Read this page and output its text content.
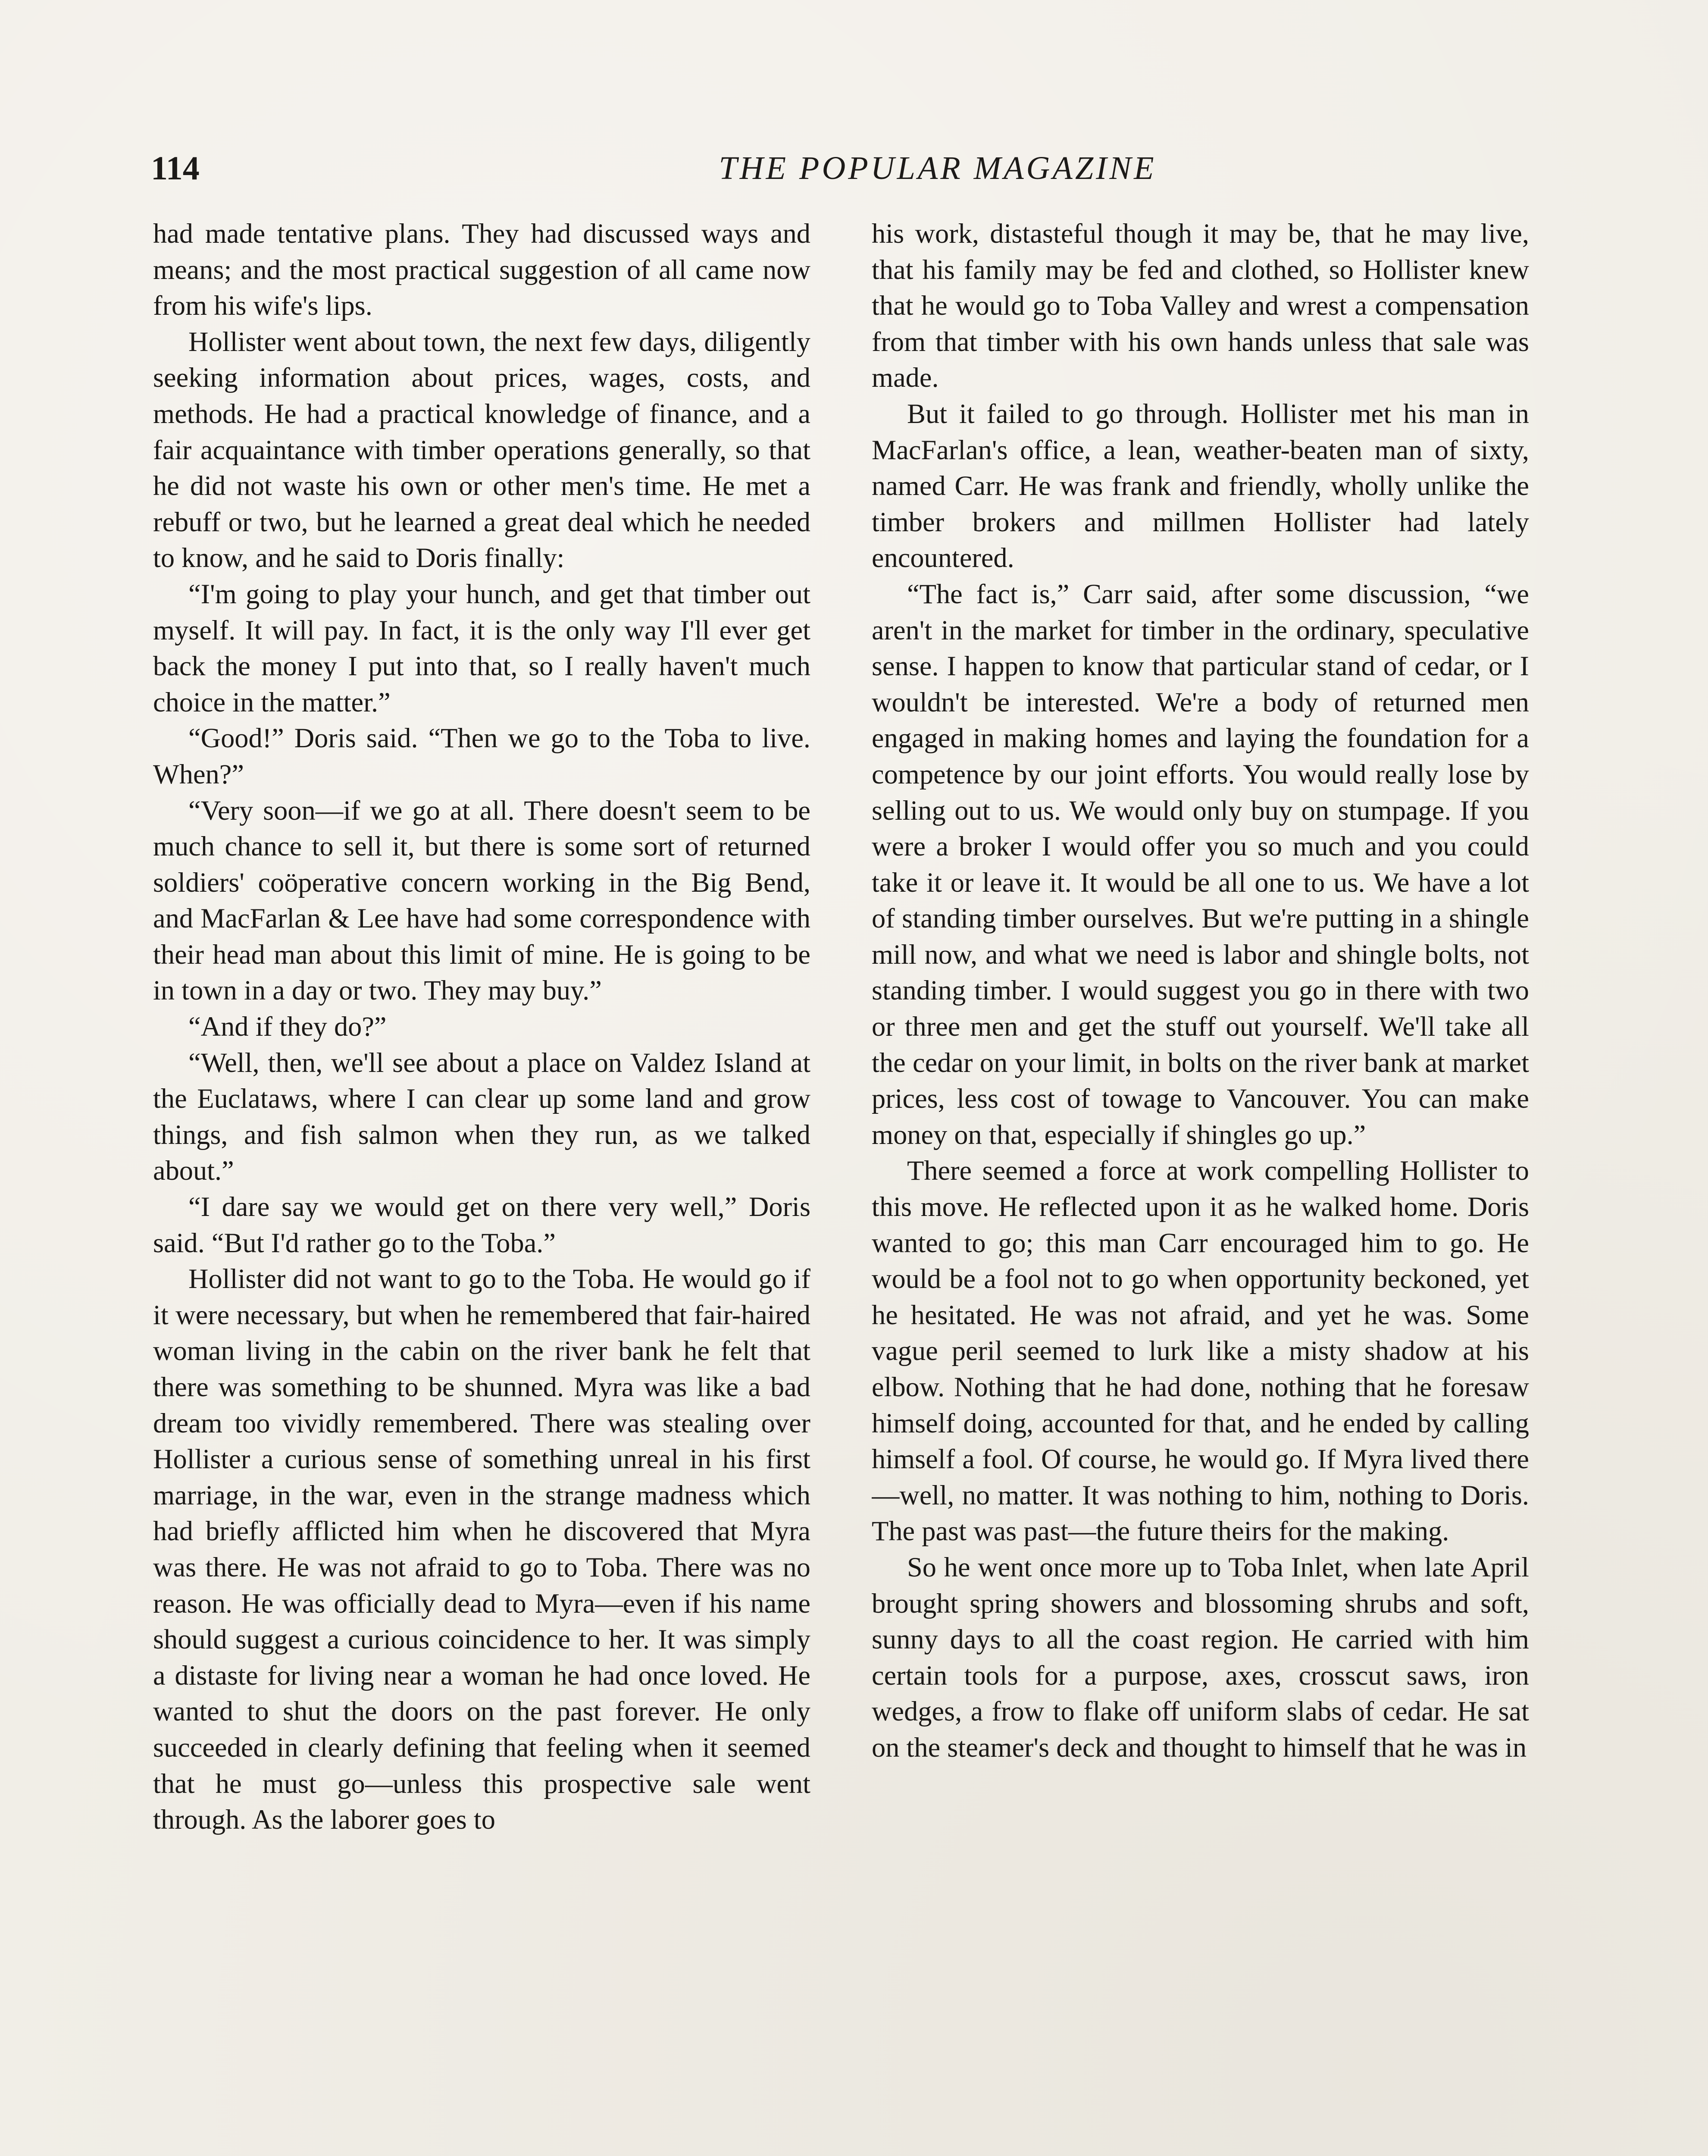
114	THE POPULAR MAGAZINE

had made tentative plans. They had discussed ways and means; and the most practical suggestion of all came now from his wife's lips.

Hollister went about town, the next few days, diligently seeking information about prices, wages, costs, and methods. He had a practical knowledge of finance, and a fair acquaintance with timber operations generally, so that he did not waste his own or other men's time. He met a rebuff or two, but he learned a great deal which he needed to know, and he said to Doris finally:

“I'm going to play your hunch, and get that timber out myself. It will pay. In fact, it is the only way I'll ever get back the money I put into that, so I really haven't much choice in the matter.”

“Good!” Doris said. “Then we go to the Toba to live. When?”

“Very soon—if we go at all. There doesn't seem to be much chance to sell it, but there is some sort of returned soldiers' coöperative concern working in the Big Bend, and MacFarlan & Lee have had some correspondence with their head man about this limit of mine. He is going to be in town in a day or two. They may buy.”

“And if they do?”

“Well, then, we'll see about a place on Valdez Island at the Euclataws, where I can clear up some land and grow things, and fish salmon when they run, as we talked about.”

“I dare say we would get on there very well,” Doris said. “But I'd rather go to the Toba.”

Hollister did not want to go to the Toba. He would go if it were necessary, but when he remembered that fair-haired woman living in the cabin on the river bank he felt that there was something to be shunned. Myra was like a bad dream too vividly remembered. There was stealing over Hollister a curious sense of something unreal in his first marriage, in the war, even in the strange madness which had briefly afflicted him when he discovered that Myra was there. He was not afraid to go to Toba. There was no reason. He was officially dead to Myra—even if his name should suggest a curious coincidence to her. It was simply a distaste for living near a woman he had once loved. He wanted to shut the doors on the past forever. He only succeeded in clearly defining that feeling when it seemed that he must go—unless this prospective sale went through. As the laborer goes to

his work, distasteful though it may be, that he may live, that his family may be fed and clothed, so Hollister knew that he would go to Toba Valley and wrest a compensation from that timber with his own hands unless that sale was made.

But it failed to go through. Hollister met his man in MacFarlan's office, a lean, weather-beaten man of sixty, named Carr. He was frank and friendly, wholly unlike the timber brokers and millmen Hollister had lately encountered.

“The fact is,” Carr said, after some discussion, “we aren't in the market for timber in the ordinary, speculative sense. I happen to know that particular stand of cedar, or I wouldn't be interested. We're a body of returned men engaged in making homes and laying the foundation for a competence by our joint efforts. You would really lose by selling out to us. We would only buy on stumpage. If you were a broker I would offer you so much and you could take it or leave it. It would be all one to us. We have a lot of standing timber ourselves. But we're putting in a shingle mill now, and what we need is labor and shingle bolts, not standing timber. I would suggest you go in there with two or three men and get the stuff out yourself. We'll take all the cedar on your limit, in bolts on the river bank at market prices, less cost of towage to Vancouver. You can make money on that, especially if shingles go up.”

There seemed a force at work compelling Hollister to this move. He reflected upon it as he walked home. Doris wanted to go; this man Carr encouraged him to go. He would be a fool not to go when opportunity beckoned, yet he hesitated. He was not afraid, and yet he was. Some vague peril seemed to lurk like a misty shadow at his elbow. Nothing that he had done, nothing that he foresaw himself doing, accounted for that, and he ended by calling himself a fool. Of course, he would go. If Myra lived there—well, no matter. It was nothing to him, nothing to Doris. The past was past—the future theirs for the making.

So he went once more up to Toba Inlet, when late April brought spring showers and blossoming shrubs and soft, sunny days to all the coast region. He carried with him certain tools for a purpose, axes, crosscut saws, iron wedges, a frow to flake off uniform slabs of cedar. He sat on the steamer's deck and thought to himself that he was in
